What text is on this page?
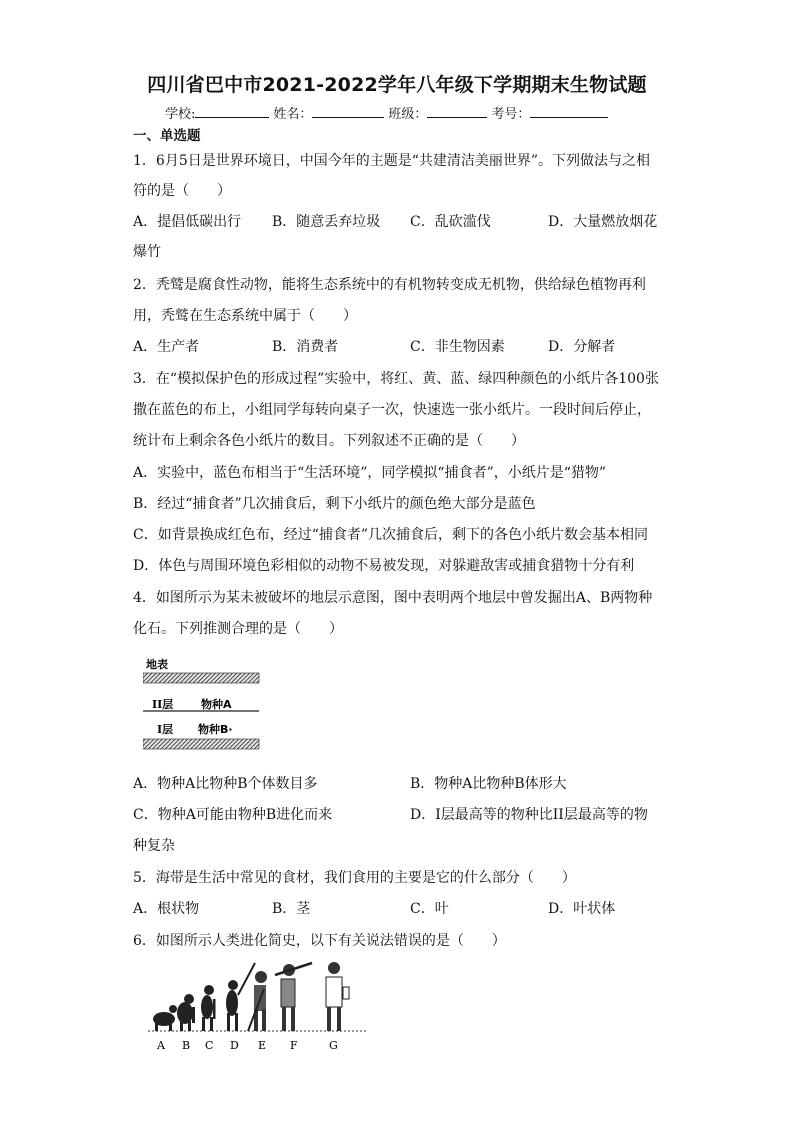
四川省巴中市2021-2022学年八年级下学期期末生物试题
学校:	姓名：	班级：	考号：
一、单选题
1．6月5日是世界环境日，中国今年的主题是“共建清洁美丽世界”。下列做法与之相
符的是（　　）
A．提倡低碳出行 B．随意丢弃垃圾 C．乱砍滥伐	D．大量燃放烟花
爆竹
2．秃鹫是腐食性动物，能将生态系统中的有机物转变成无机物，供给绿色植物再利
用，秃鹫在生态系统中属于（　　）
A．生产者	B．消费者	C．非生物因素	D．分解者
3．在“模拟保护色的形成过程”实验中，将红、黄、蓝、绿四种颜色的小纸片各100张
撒在蓝色的布上，小组同学每转向桌子一次，快速选一张小纸片。一段时间后停止，
统计布上剩余各色小纸片的数目。下列叙述不正确的是（　　）
A．实验中，蓝色布相当于“生活环境”，同学模拟“捕食者”，小纸片是“猎物”
B．经过“捕食者”几次捕食后，剩下小纸片的颜色绝大部分是蓝色
C．如背景换成红色布，经过“捕食者”几次捕食后，剩下的各色小纸片数会基本相同
D．体色与周围环境色彩相似的动物不易被发现，对躲避敌害或捕食猎物十分有利
4．如图所示为某未被破坏的地层示意图，图中表明两个地层中曾发掘出A、B两物种
化石。下列推测合理的是（　　）
地表
II层	物种A
I层 物种B·
A．物种A比物种B个体数目多	B．物种A比物种B体形大
C．物种A可能由物种B进化而来	D．I层最高等的物种比II层最高等的物
种复杂
5．海带是生活中常见的食材，我们食用的主要是它的什么部分（　　）
A．根状物	B．茎	C．叶	D．叶状体
6．如图所示人类进化简史，以下有关说法错误的是（　　）
A B C D E F	G
